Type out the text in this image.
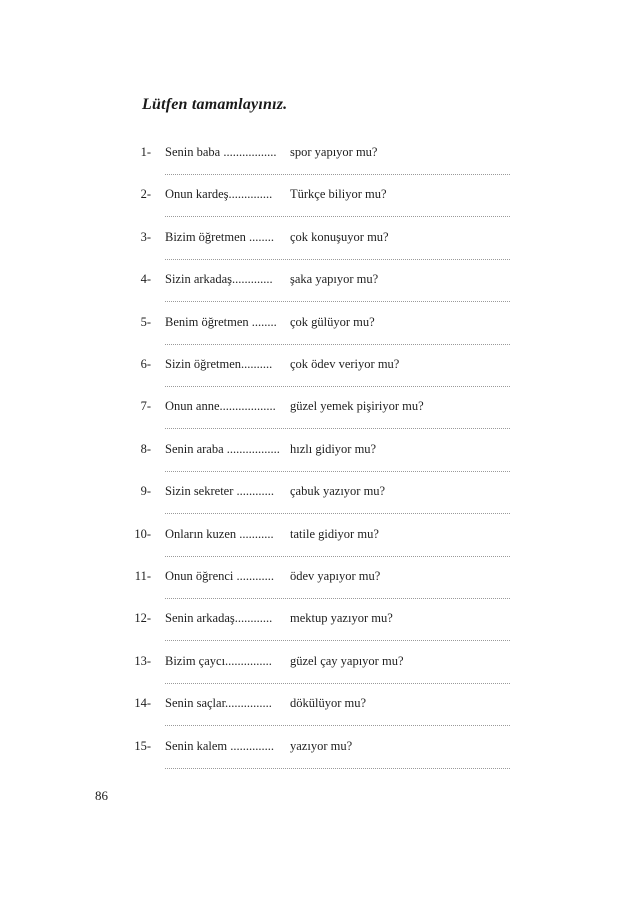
Lütfen tamamlayınız.
1- Senin baba ................. spor yapıyor mu?
2- Onun kardeş.............. Türkçe biliyor mu?
3- Bizim öğretmen ........ çok konuşuyor mu?
4- Sizin arkadaş............. şaka yapıyor mu?
5- Benim öğretmen ........ çok gülüyor mu?
6- Sizin öğretmen.......... çok ödev veriyor mu?
7- Onun anne.................. güzel yemek pişiriyor mu?
8- Senin araba ................. hızlı gidiyor mu?
9- Sizin sekreter ............ çabuk yazıyor mu?
10- Onların kuzen ........... tatile gidiyor mu?
11- Onun öğrenci ............ ödev yapıyor mu?
12- Senin arkadaş............ mektup yazıyor mu?
13- Bizim çaycı............... güzel çay yapıyor mu?
14- Senin saçlar............... dökülüyor mu?
15- Senin kalem .............. yazıyor mu?
86
